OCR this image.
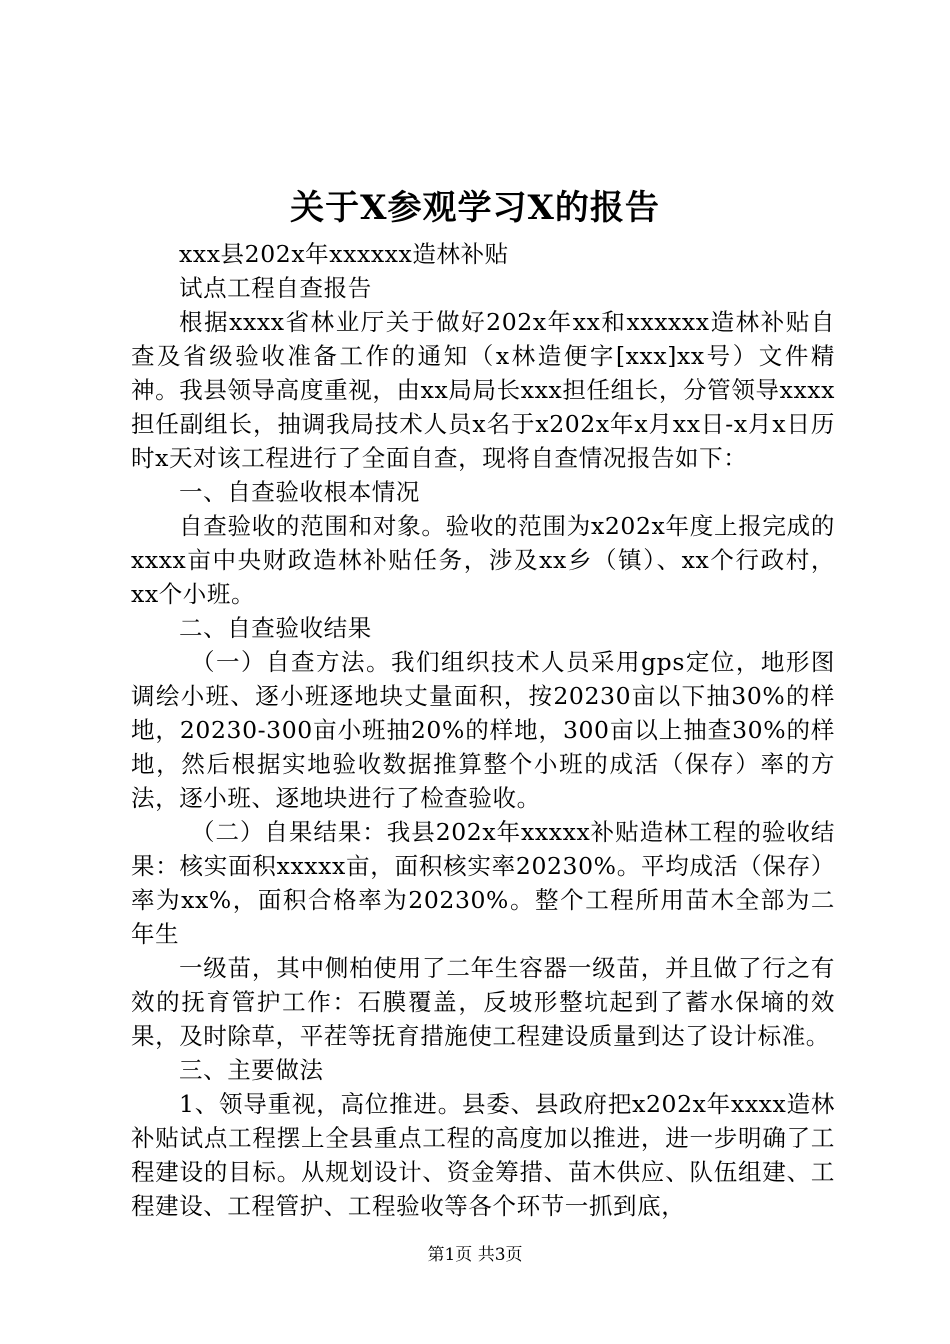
关于X参观学习X的报告

xxx县202x年xxxxxx造林补贴

试点工程自查报告

根据xxxx省林业厅关于做好202x年xx和xxxxxx造林补贴自查及省级验收准备工作的通知（x林造便字[xxx]xx号）文件精神。我县领导高度重视，由xx局局长xxx担任组长，分管领导xxxx担任副组长，抽调我局技术人员x名于x202x年x月xx日-x月x日历时x天对该工程进行了全面自查，现将自查情况报告如下：

一、自查验收根本情况

自查验收的范围和对象。验收的范围为x202x年度上报完成的xxxx亩中央财政造林补贴任务，涉及xx乡（镇）、xx个行政村，xx个小班。

二、自查验收结果

（一）自查方法。我们组织技术人员采用gps定位，地形图调绘小班、逐小班逐地块丈量面积，按20230亩以下抽30%的样地，20230-300亩小班抽20%的样地，300亩以上抽查30%的样地，然后根据实地验收数据推算整个小班的成活（保存）率的方法，逐小班、逐地块进行了检查验收。

（二）自果结果：我县202x年xxxxx补贴造林工程的验收结果：核实面积xxxxx亩，面积核实率20230%。平均成活（保存）率为xx%，面积合格率为20230%。整个工程所用苗木全部为二年生

一级苗，其中侧柏使用了二年生容器一级苗，并且做了行之有效的抚育管护工作：石膜覆盖，反坡形整坑起到了蓄水保墒的效果，及时除草，平茬等抚育措施使工程建设质量到达了设计标准。

三、主要做法

1、领导重视，高位推进。县委、县政府把x202x年xxxx造林补贴试点工程摆上全县重点工程的高度加以推进，进一步明确了工程建设的目标。从规划设计、资金筹措、苗木供应、队伍组建、工程建设、工程管护、工程验收等各个环节一抓到底，

第1页 共3页
